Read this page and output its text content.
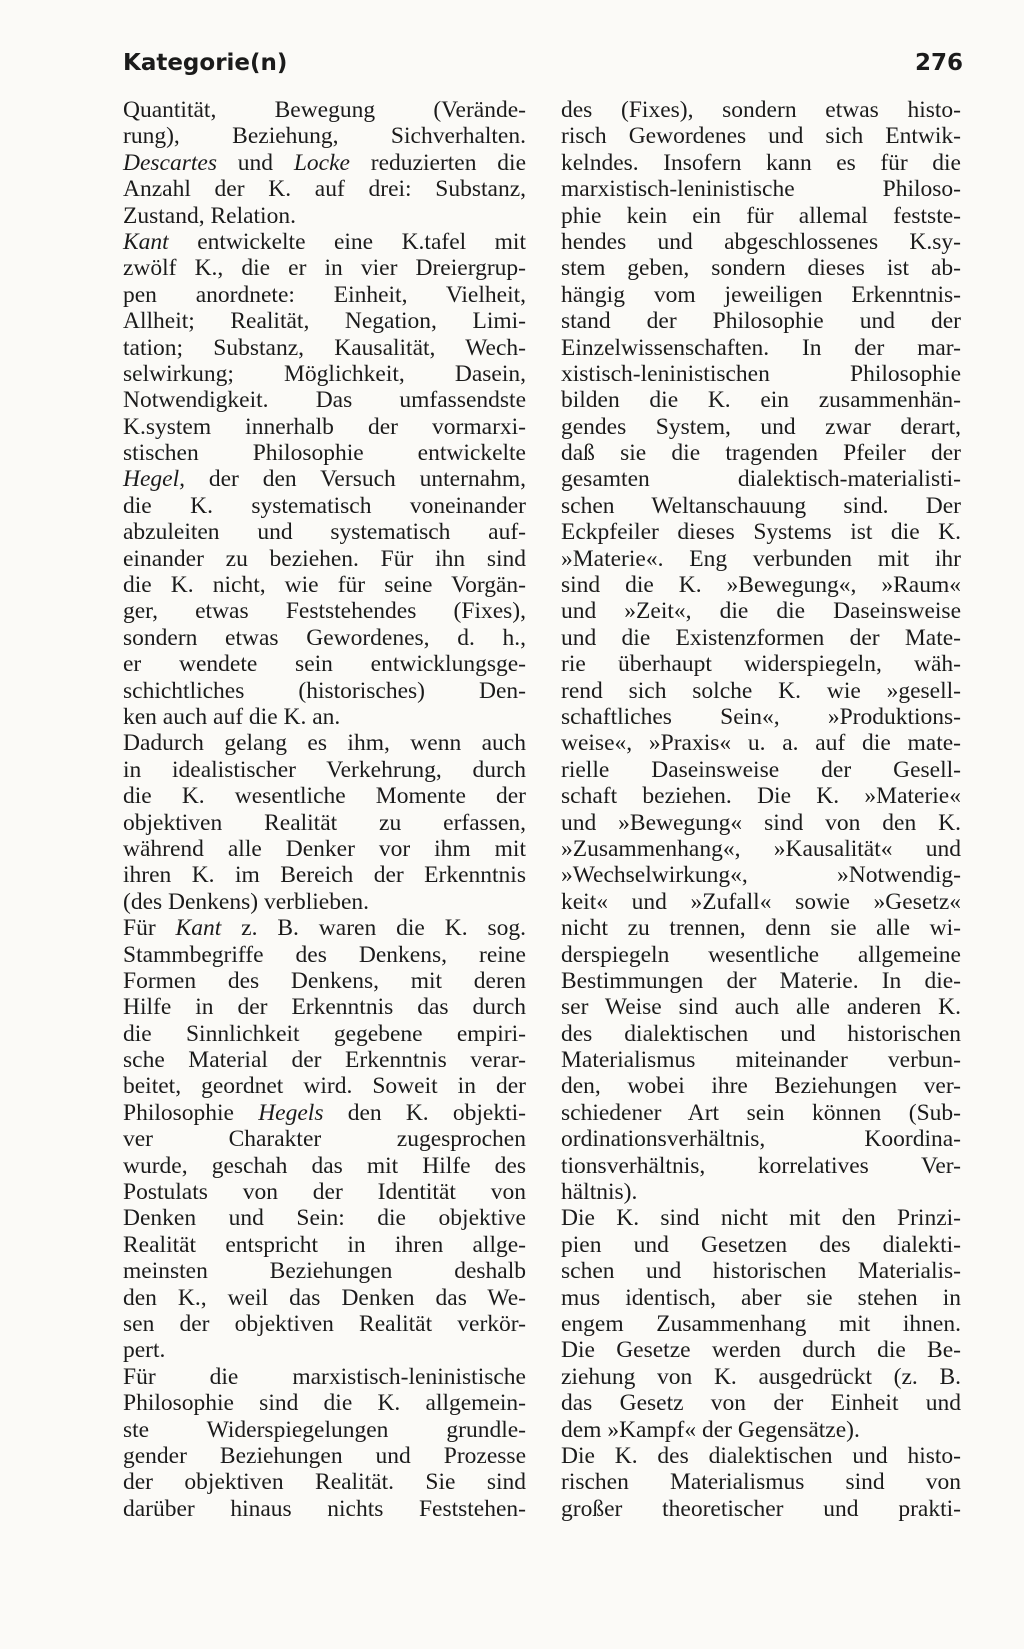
Kategorie(n)	276
Quantität, Bewegung (Verände-
rung), Beziehung, Sichverhalten.
Descartes und Locke reduzierten die
Anzahl der K. auf drei: Substanz,
Zustand, Relation.
Kant entwickelte eine K.tafel mit
zwölf K., die er in vier Dreiergrup-
pen anordnete: Einheit, Vielheit,
Allheit; Realität, Negation, Limi-
tation; Substanz, Kausalität, Wech-
selwirkung; Möglichkeit, Dasein,
Notwendigkeit. Das umfassendste
K.system innerhalb der vormarxi-
stischen Philosophie entwickelte
Hegel, der den Versuch unternahm,
die K. systematisch voneinander
abzuleiten und systematisch auf-
einander zu beziehen. Für ihn sind
die K. nicht, wie für seine Vorgän-
ger, etwas Feststehendes (Fixes),
sondern etwas Gewordenes, d. h.,
er wendete sein entwicklungsge-
schichtliches (historisches) Den-
ken auch auf die K. an.
Dadurch gelang es ihm, wenn auch
in idealistischer Verkehrung, durch
die K. wesentliche Momente der
objektiven Realität zu erfassen,
während alle Denker vor ihm mit
ihren K. im Bereich der Erkenntnis
(des Denkens) verblieben.
Für Kant z. B. waren die K. sog.
Stammbegriffe des Denkens, reine
Formen des Denkens, mit deren
Hilfe in der Erkenntnis das durch
die Sinnlichkeit gegebene empiri-
sche Material der Erkenntnis verar-
beitet, geordnet wird. Soweit in der
Philosophie Hegels den K. objekti-
ver Charakter zugesprochen
wurde, geschah das mit Hilfe des
Postulats von der Identität von
Denken und Sein: die objektive
Realität entspricht in ihren allge-
meinsten Beziehungen deshalb
den K., weil das Denken das We-
sen der objektiven Realität verkör-
pert.
Für die marxistisch-leninistische
Philosophie sind die K. allgemein-
ste Widerspiegelungen grundle-
gender Beziehungen und Prozesse
der objektiven Realität. Sie sind
darüber hinaus nichts Feststehen-
des (Fixes), sondern etwas histo-
risch Gewordenes und sich Entwik-
kelndes. Insofern kann es für die
marxistisch-leninistische Philoso-
phie kein ein für allemal festste-
hendes und abgeschlossenes K.sy-
stem geben, sondern dieses ist ab-
hängig vom jeweiligen Erkenntnis-
stand der Philosophie und der
Einzelwissenschaften. In der mar-
xistisch-leninistischen Philosophie
bilden die K. ein zusammenhän-
gendes System, und zwar derart,
daß sie die tragenden Pfeiler der
gesamten dialektisch-materialisti-
schen Weltanschauung sind. Der
Eckpfeiler dieses Systems ist die K.
»Materie«. Eng verbunden mit ihr
sind die K. »Bewegung«, »Raum«
und »Zeit«, die die Daseinsweise
und die Existenzformen der Mate-
rie überhaupt widerspiegeln, wäh-
rend sich solche K. wie »gesell-
schaftliches Sein«, »Produktions-
weise«, »Praxis« u. a. auf die mate-
rielle Daseinsweise der Gesell-
schaft beziehen. Die K. »Materie«
und »Bewegung« sind von den K.
»Zusammenhang«, »Kausalität« und
»Wechselwirkung«, »Notwendig-
keit« und »Zufall« sowie »Gesetz«
nicht zu trennen, denn sie alle wi-
derspiegeln wesentliche allgemeine
Bestimmungen der Materie. In die-
ser Weise sind auch alle anderen K.
des dialektischen und historischen
Materialismus miteinander verbun-
den, wobei ihre Beziehungen ver-
schiedener Art sein können (Sub-
ordinationsverhältnis, Koordina-
tionsverhältnis, korrelatives Ver-
hältnis).
Die K. sind nicht mit den Prinzi-
pien und Gesetzen des dialekti-
schen und historischen Materialis-
mus identisch, aber sie stehen in
engem Zusammenhang mit ihnen.
Die Gesetze werden durch die Be-
ziehung von K. ausgedrückt (z. B.
das Gesetz von der Einheit und
dem »Kampf« der Gegensätze).
Die K. des dialektischen und histo-
rischen Materialismus sind von
großer theoretischer und prakti-
